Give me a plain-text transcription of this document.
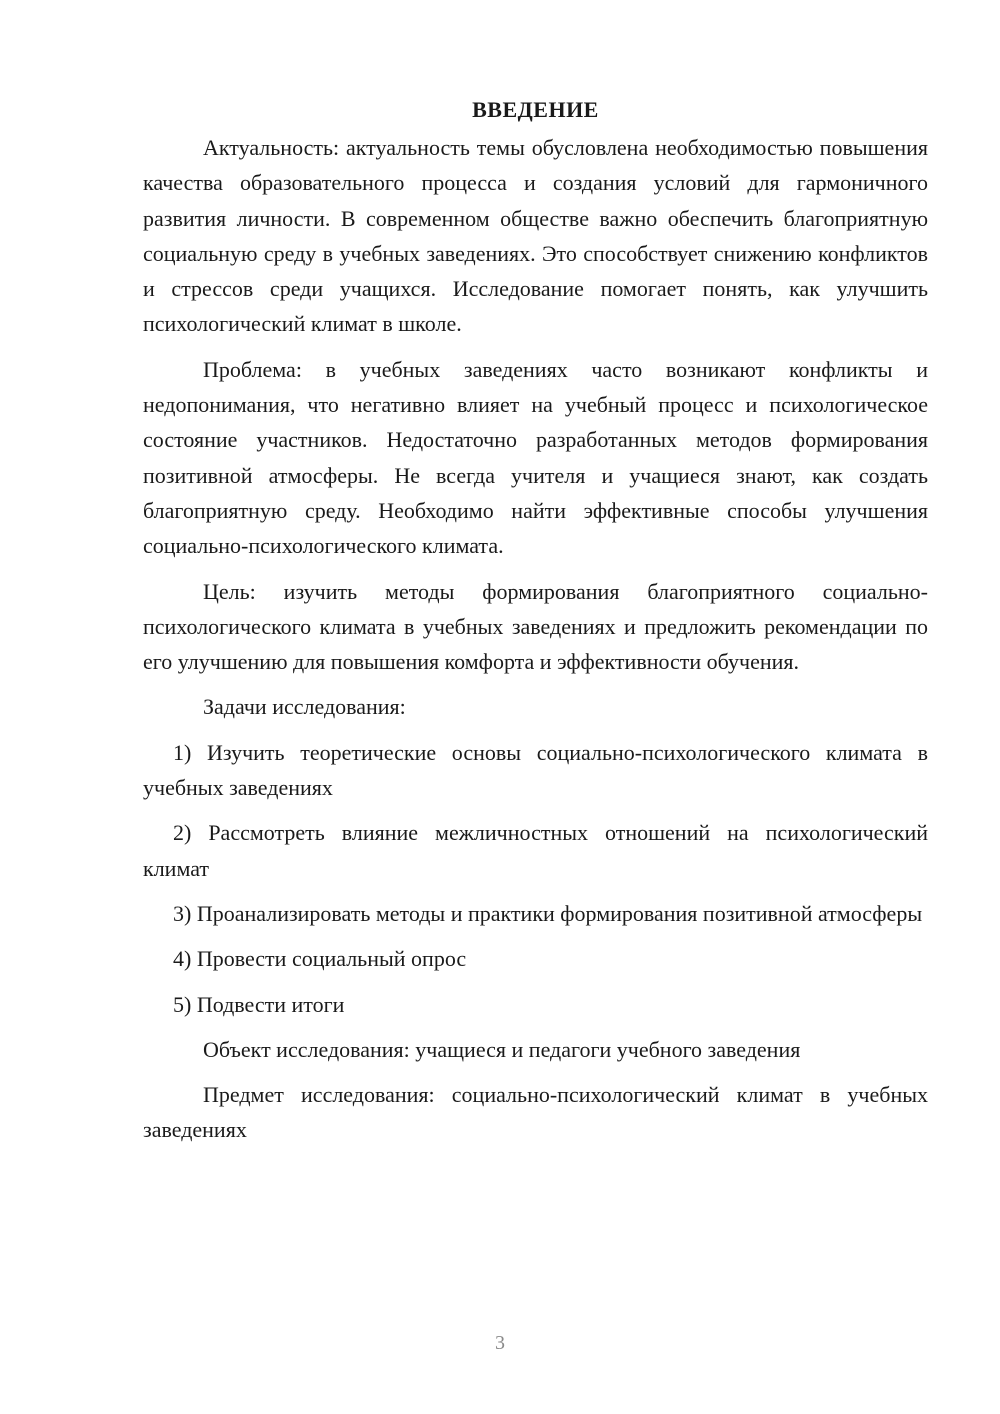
ВВЕДЕНИЕ

Актуальность: актуальность темы обусловлена необходимостью повышения качества образовательного процесса и создания условий для гармоничного развития личности. В современном обществе важно обеспечить благоприятную социальную среду в учебных заведениях. Это способствует снижению конфликтов и стрессов среди учащихся. Исследование помогает понять, как улучшить психологический климат в школе.

Проблема: в учебных заведениях часто возникают конфликты и недопонимания, что негативно влияет на учебный процесс и психологическое состояние участников. Недостаточно разработанных методов формирования позитивной атмосферы. Не всегда учителя и учащиеся знают, как создать благоприятную среду. Необходимо найти эффективные способы улучшения социально-психологического климата.

Цель: изучить методы формирования благоприятного социально-психологического климата в учебных заведениях и предложить рекомендации по его улучшению для повышения комфорта и эффективности обучения.

Задачи исследования:

1) Изучить теоретические основы социально-психологического климата в учебных заведениях

2) Рассмотреть влияние межличностных отношений на психологический климат

3) Проанализировать методы и практики формирования позитивной атмосферы

4) Провести социальный опрос

5) Подвести итоги

Объект исследования: учащиеся и педагоги учебного заведения

Предмет исследования: социально-психологический климат в учебных заведениях

3
